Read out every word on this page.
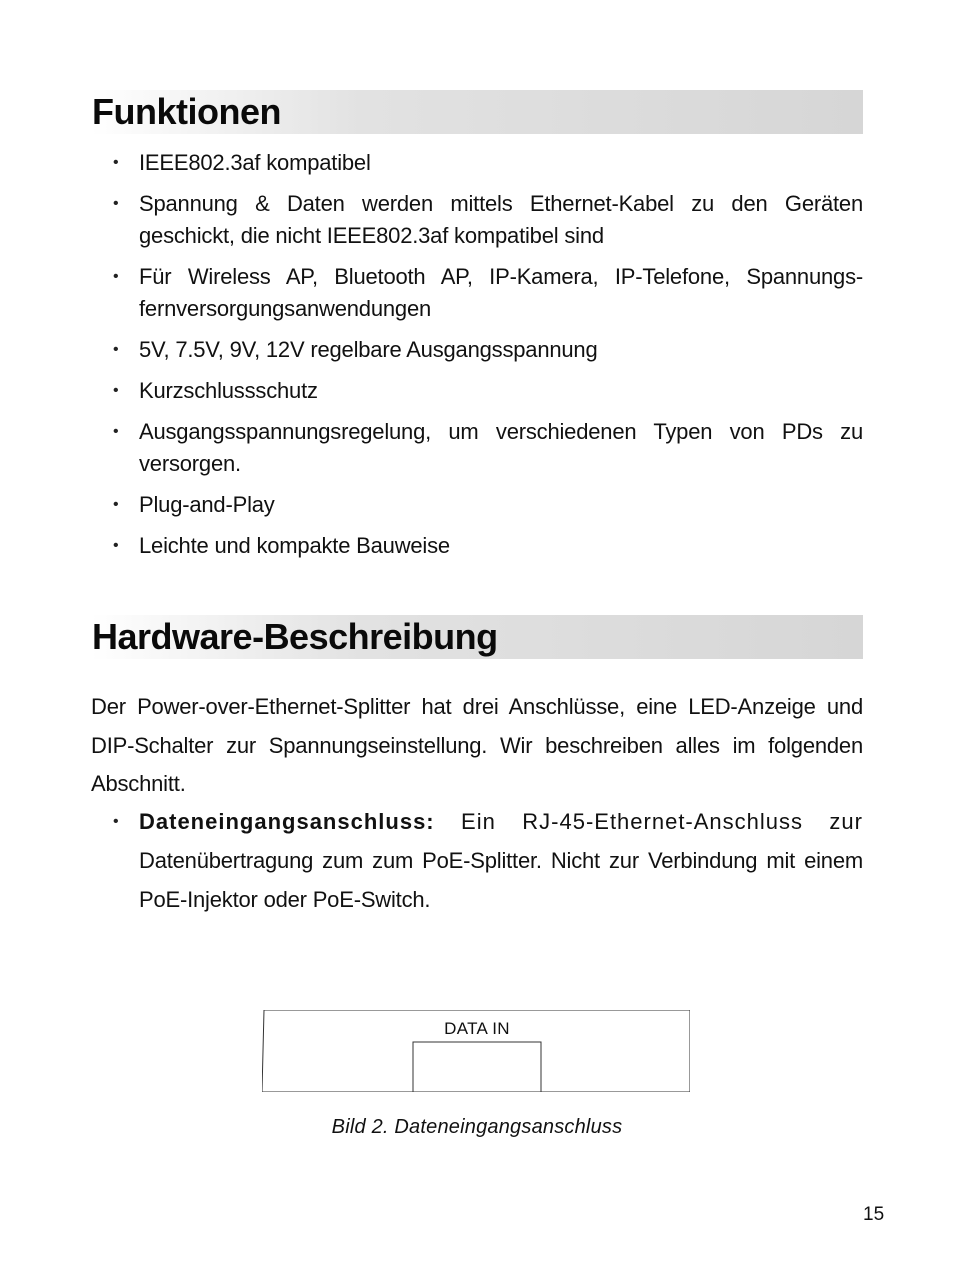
Funktionen
• IEEE802.3af kompatibel
• Spannung & Daten werden mittels Ethernet-Kabel zu den Geräten geschickt, die nicht IEEE802.3af kompatibel sind
• Für Wireless AP, Bluetooth AP, IP-Kamera, IP-Telefone, Spannungs-fernversorgungsanwendungen
• 5V, 7.5V, 9V, 12V regelbare Ausgangsspannung
• Kurzschlussschutz
• Ausgangsspannungsregelung, um verschiedenen Typen von PDs zu versorgen.
• Plug-and-Play
• Leichte und kompakte Bauweise
Hardware-Beschreibung

Der Power-over-Ethernet-Splitter hat drei Anschlüsse, eine LED-Anzeige und DIP-Schalter zur Spannungseinstellung. Wir beschreiben alles im folgenden Abschnitt.

• Dateneingangsanschluss: Ein RJ-45-Ethernet-Anschluss zur Datenübertragung zum zum PoE-Splitter. Nicht zur Verbindung mit einem PoE-Injektor oder PoE-Switch.
DATA IN
Bild 2. Dateneingangsanschluss
15
